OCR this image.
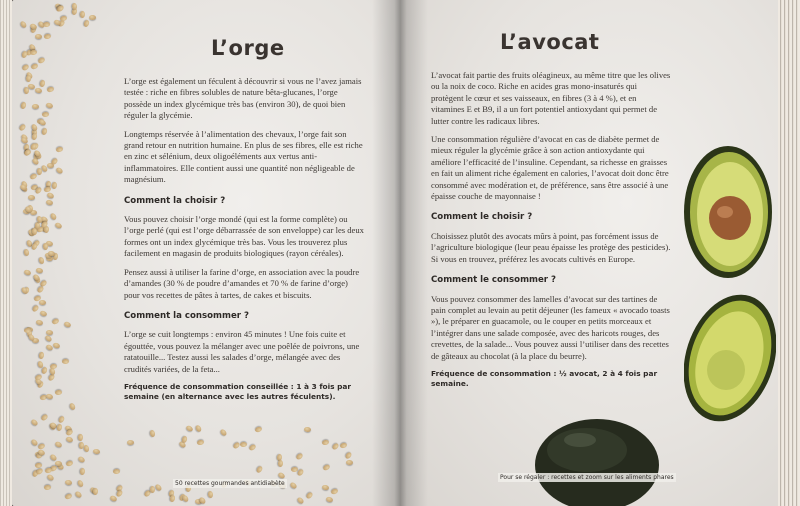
L’orge

L’orge est également un féculent à découvrir si vous ne l’avez jamais testée : riche en fibres solubles de nature bêta-glucanes, l’orge possède un index glycémique très bas (environ 30), de quoi bien réguler la glycémie.

Longtemps réservée à l’alimentation des chevaux, l’orge fait son grand retour en nutrition humaine. En plus de ses fibres, elle est riche en zinc et sélénium, deux oligoéléments aux vertus anti-inflammatoires. Elle contient aussi une quantité non négligeable de magnésium.

Comment la choisir ?

Vous pouvez choisir l’orge mondé (qui est la forme complète) ou l’orge perlé (qui est l’orge débarrassée de son enveloppe) car les deux formes ont un index glycémique très bas. Vous les trouverez plus facilement en magasin de produits biologiques (rayon céréales).

Pensez aussi à utiliser la farine d’orge, en association avec la poudre d’amandes (30 % de poudre d’amandes et 70 % de farine d’orge) pour vos recettes de pâtes à tartes, de cakes et biscuits.

Comment la consommer ?

L’orge se cuit longtemps : environ 45 minutes ! Une fois cuite et égouttée, vous pouvez la mélanger avec une poêlée de poivrons, une ratatouille... Testez aussi les salades d’orge, mélangée avec des crudités variées, de la feta...

Fréquence de consommation conseillée : 1 à 3 fois par semaine (en alternance avec les autres féculents).

50 recettes gourmandes antidiabète
L’avocat

L’avocat fait partie des fruits oléagineux, au même titre que les olives ou la noix de coco. Riche en acides gras mono-insaturés qui protègent le cœur et ses vaisseaux, en fibres (3 à 4 %), et en vitamines E et B9, il a un fort potentiel antioxydant qui permet de lutter contre les radicaux libres.

Une consommation régulière d’avocat en cas de diabète permet de mieux réguler la glycémie grâce à son action antioxydante qui améliore l’efficacité de l’insuline. Cependant, sa richesse en graisses en fait un aliment riche également en calories, l’avocat doit donc être consommé avec modération et, de préférence, sans être associé à une épaisse couche de mayonnaise !

Comment le choisir ?

Choisissez plutôt des avocats mûrs à point, pas forcément issus de l’agriculture biologique (leur peau épaisse les protège des pesticides). Si vous en trouvez, préférez les avocats cultivés en Europe.

Comment le consommer ?

Vous pouvez consommer des lamelles d’avocat sur des tartines de pain complet au levain au petit déjeuner (les fameux « avocado toasts »), le préparer en guacamole, ou le couper en petits morceaux et l’intégrer dans une salade composée, avec des haricots rouges, des crevettes, de la salade... Vous pouvez aussi l’utiliser dans des recettes de gâteaux au chocolat (à la place du beurre).

Fréquence de consommation : ½ avocat, 2 à 4 fois par semaine.

Pour se régaler : recettes et zoom sur les aliments phares
